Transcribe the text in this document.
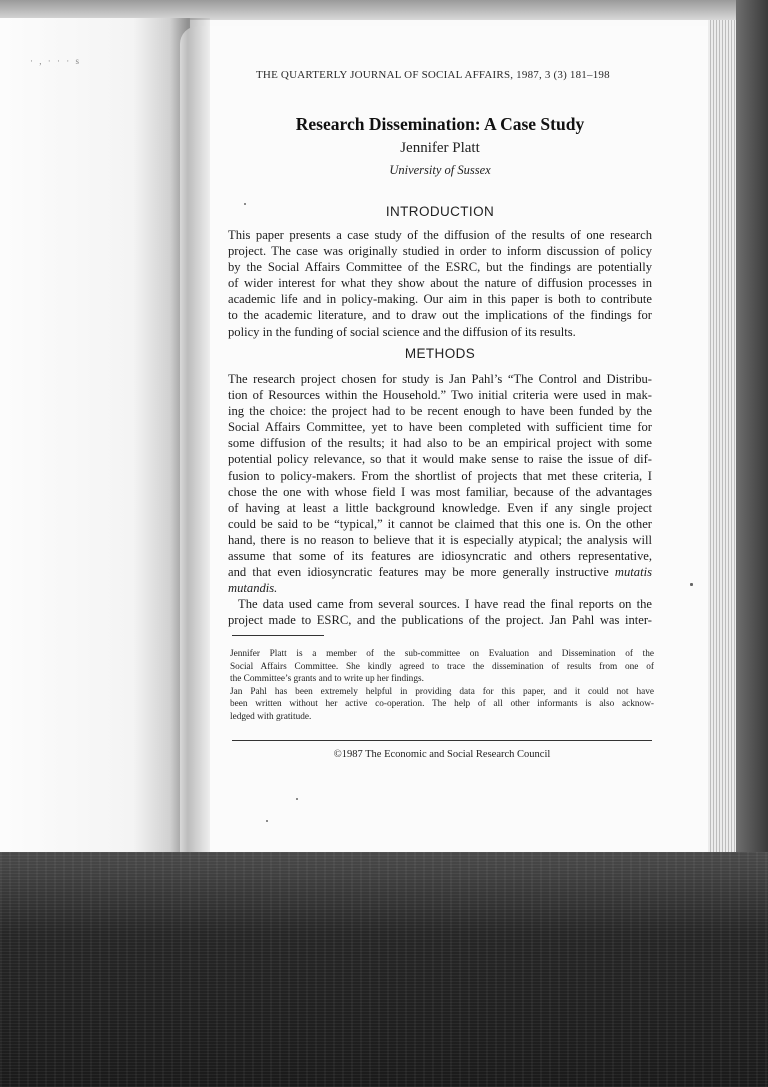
· , · · · s
THE QUARTERLY JOURNAL OF SOCIAL AFFAIRS, 1987, 3 (3) 181–198
Research Dissemination: A Case Study
Jennifer Platt
University of Sussex
INTRODUCTION
This paper presents a case study of the diffusion of the results of one research
project. The case was originally studied in order to inform discussion of policy
by the Social Affairs Committee of the ESRC, but the findings are potentially
of wider interest for what they show about the nature of diffusion processes in
academic life and in policy-making. Our aim in this paper is both to contribute
to the academic literature, and to draw out the implications of the findings for
policy in the funding of social science and the diffusion of its results.
METHODS
The research project chosen for study is Jan Pahl’s “The Control and Distribu-
tion of Resources within the Household.” Two initial criteria were used in mak-
ing the choice: the project had to be recent enough to have been funded by the
Social Affairs Committee, yet to have been completed with sufficient time for
some diffusion of the results; it had also to be an empirical project with some
potential policy relevance, so that it would make sense to raise the issue of dif-
fusion to policy-makers. From the shortlist of projects that met these criteria, I
chose the one with whose field I was most familiar, because of the advantages
of having at least a little background knowledge. Even if any single project
could be said to be “typical,” it cannot be claimed that this one is. On the other
hand, there is no reason to believe that it is especially atypical; the analysis will
assume that some of its features are idiosyncratic and others representative,
and that even idiosyncratic features may be more generally instructive mutatis
mutandis.
The data used came from several sources. I have read the final reports on the
project made to ESRC, and the publications of the project. Jan Pahl was inter-
Jennifer Platt is a member of the sub-committee on Evaluation and Dissemination of the
Social Affairs Committee. She kindly agreed to trace the dissemination of results from one of
the Committee’s grants and to write up her findings.
Jan Pahl has been extremely helpful in providing data for this paper, and it could not have
been written without her active co-operation. The help of all other informants is also acknow-
ledged with gratitude.
©1987 The Economic and Social Research Council
